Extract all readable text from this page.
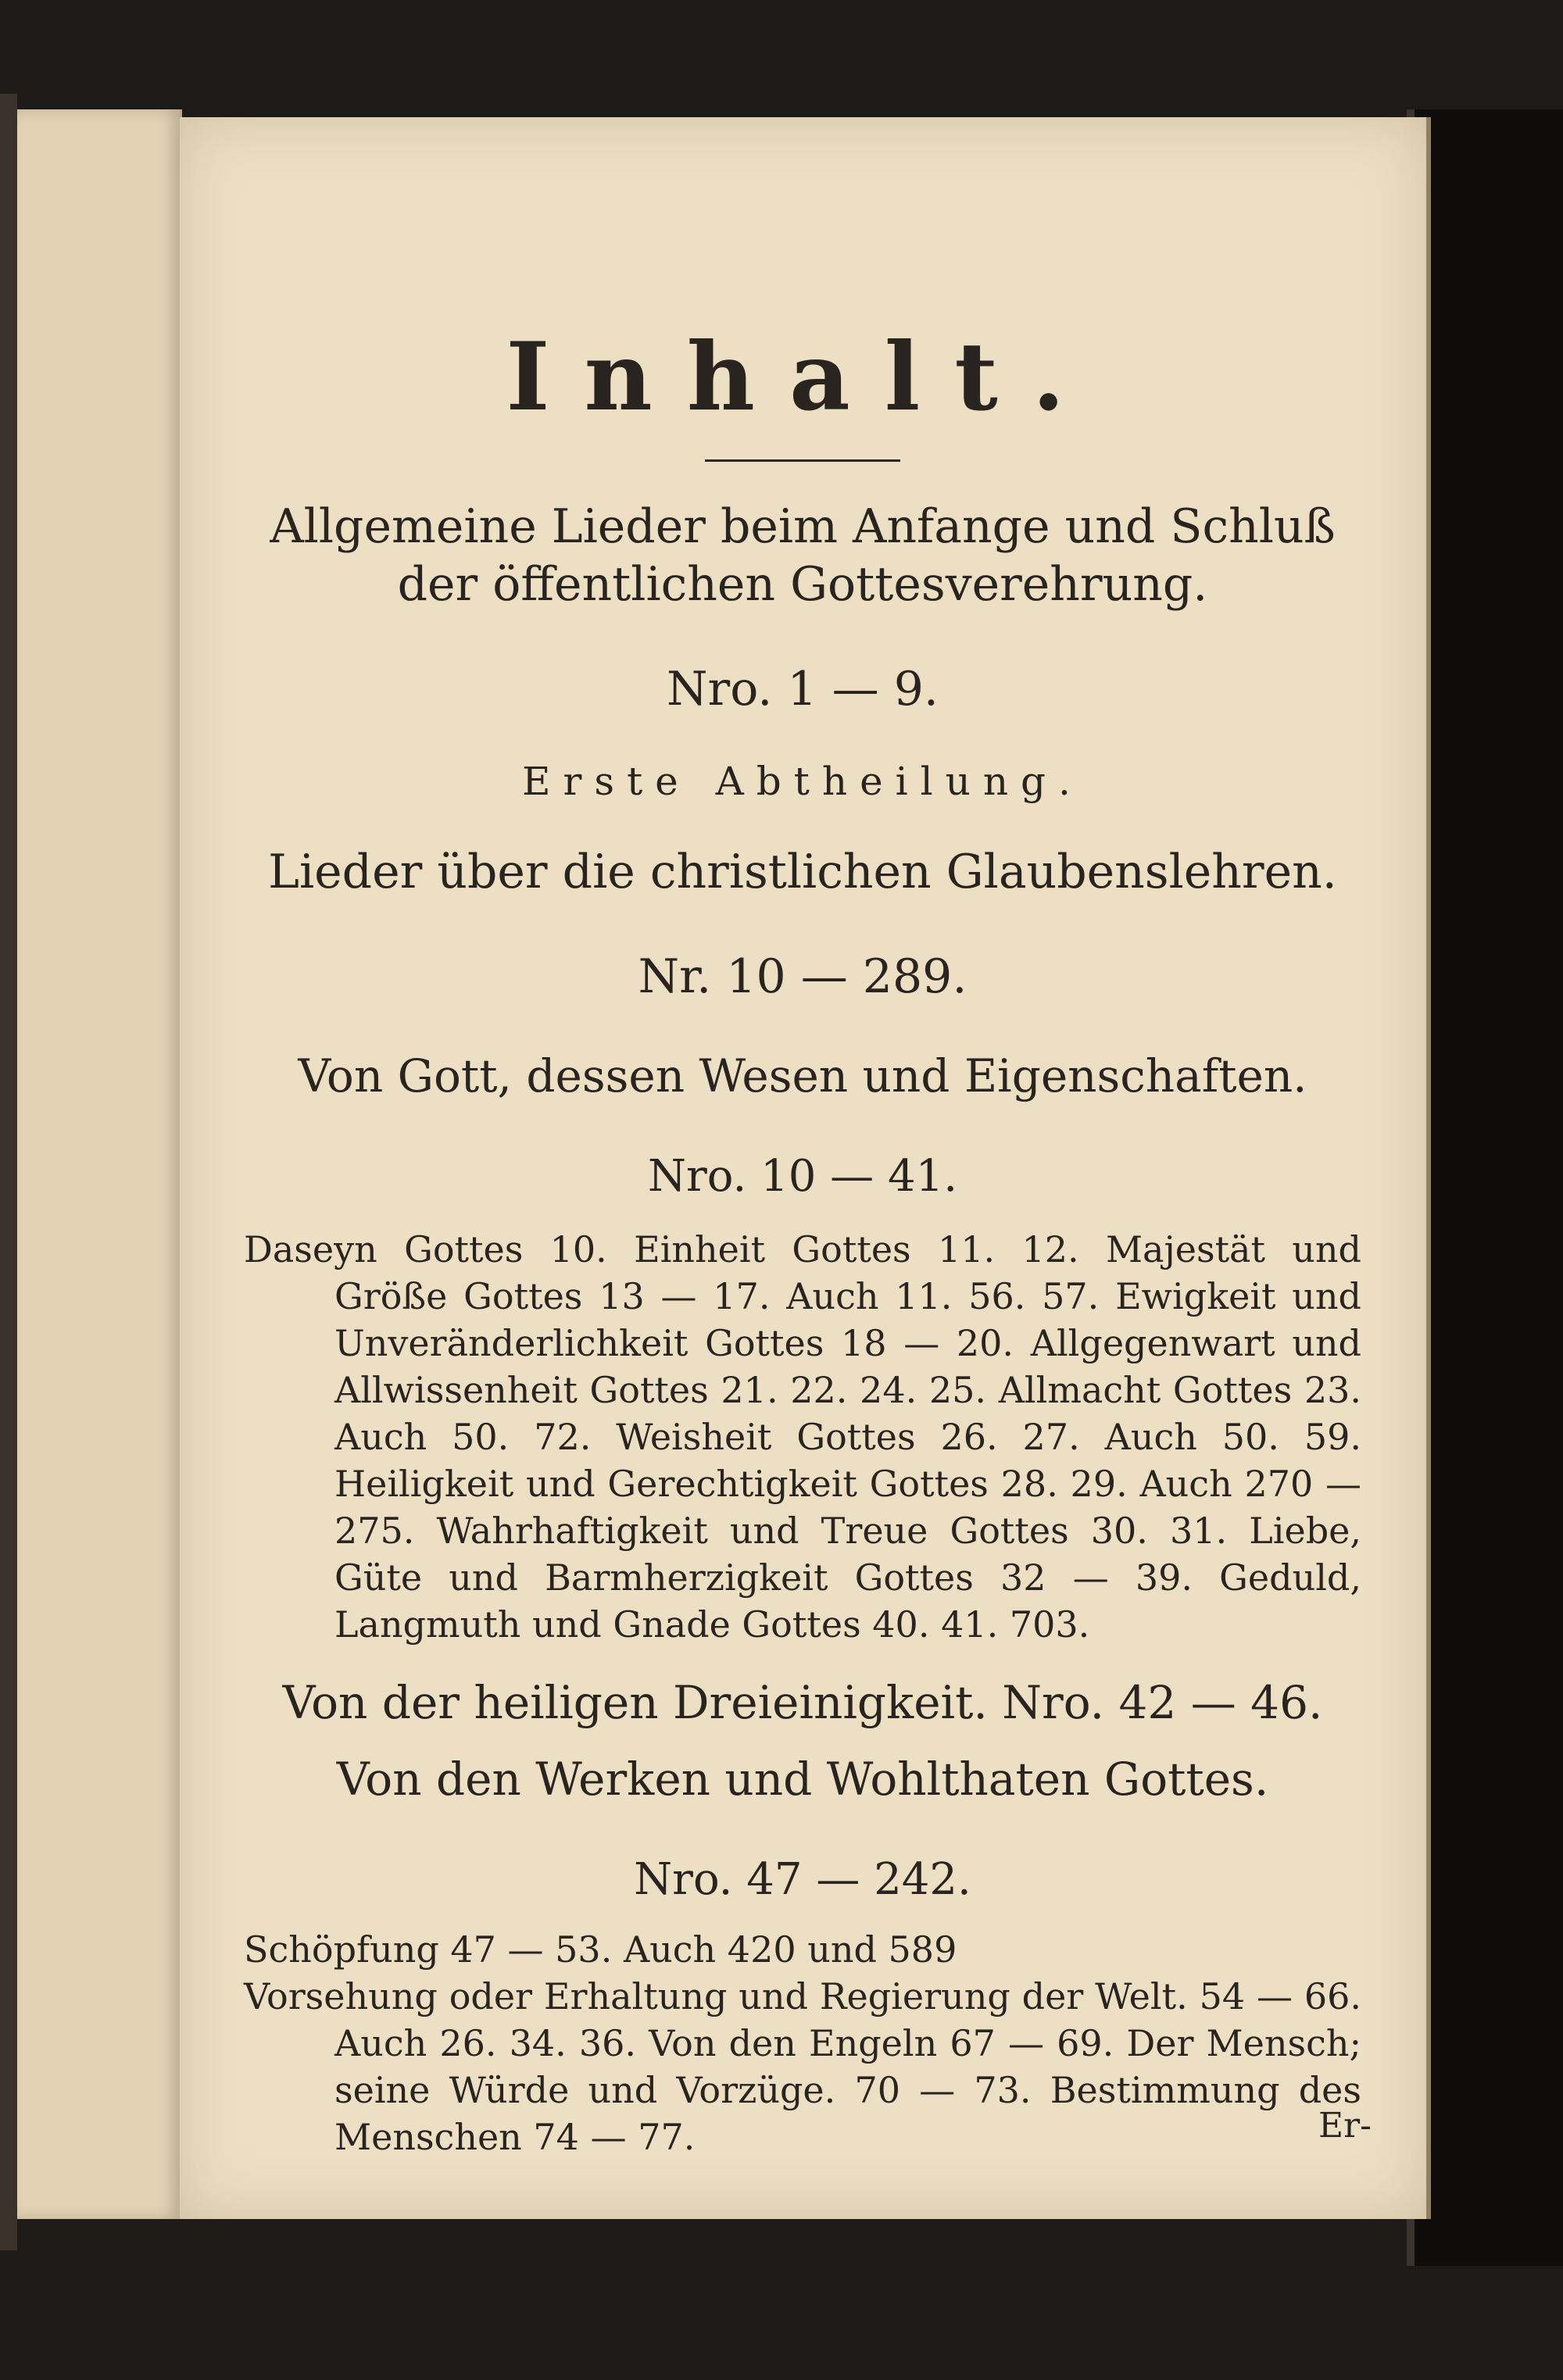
Inhalt.

Allgemeine Lieder beim Anfange und Schluß

der öffentlichen Gottesverehrung.

Nro. 1 — 9.

Erste Abtheilung.

Lieder über die christlichen Glaubenslehren.

Nr. 10 — 289.

Von Gott, dessen Wesen und Eigenschaften.

Nro. 10 — 41.

Daseyn Gottes 10. Einheit Gottes 11. 12. Majestät und Größe Gottes 13 — 17. Auch 11. 56. 57. Ewigkeit und Unveränderlichkeit Gottes 18 — 20. Allgegenwart und Allwissenheit Gottes 21. 22. 24. 25. Allmacht Gottes 23. Auch 50. 72. Weisheit Gottes 26. 27. Auch 50. 59. Heiligkeit und Gerechtigkeit Gottes 28. 29. Auch 270 — 275. Wahrhaftigkeit und Treue Gottes 30. 31. Liebe, Güte und Barmherzigkeit Gottes 32 — 39. Geduld, Langmuth und Gnade Gottes 40. 41. 703.

Von der heiligen Dreieinigkeit. Nro. 42 — 46.

Von den Werken und Wohlthaten Gottes.

Nro. 47 — 242.

Schöpfung 47 — 53. Auch 420 und 589

Vorsehung oder Erhaltung und Regierung der Welt. 54 — 66. Auch 26. 34. 36. Von den Engeln 67 — 69. Der Mensch; seine Würde und Vorzüge. 70 — 73. Bestimmung des Menschen 74 — 77.	Er-
